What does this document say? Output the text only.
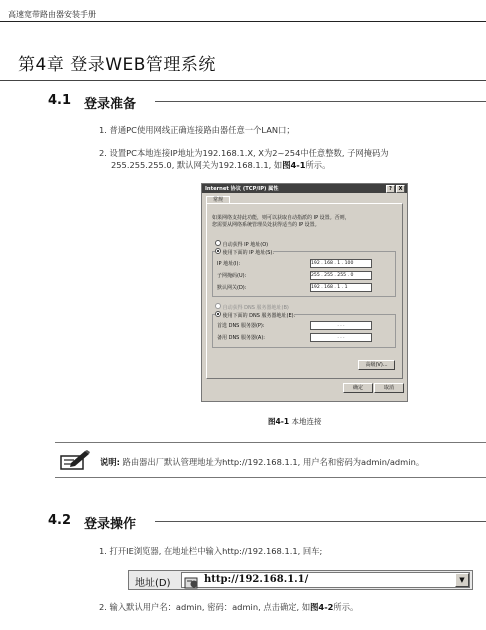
高速宽带路由器安装手册
第4章 登录WEB管理系统
4.1 登录准备
1. 普通PC使用网线正确连接路由器任意一个LAN口；
2. 设置PC本地连接IP地址为192.168.1.X, X为2~254中任意整数, 子网掩码为
255.255.255.0, 默认网关为192.168.1.1, 如图4-1所示。
Internet 协议 (TCP/IP) 属性	?	X
常规
如果网络支持此功能，则可以获取自动指派的 IP 设置。否则，
您需要从网络系统管理员处获得适当的 IP 设置。
自动获得 IP 地址(O)
使用下面的 IP 地址(S):
IP 地址(I):	192 . 168 . 1 . 100
子网掩码(U):	255 . 255 . 255 . 0
默认网关(D):	192 . 168 . 1 . 1
自动获得 DNS 服务器地址(B)
使用下面的 DNS 服务器地址(E):
首选 DNS 服务器(P):	. . .
备用 DNS 服务器(A):	. . .
高级(V)...
确定	取消
图4-1 本地连接
说明: 路由器出厂默认管理地址为http://192.168.1.1, 用户名和密码为admin/admin。
4.2 登录操作
1. 打开IE浏览器, 在地址栏中输入http://192.168.1.1, 回车;
地址(D)	http://192.168.1.1/	▼
2. 输入默认用户名：admin, 密码：admin, 点击确定, 如图4-2所示。
